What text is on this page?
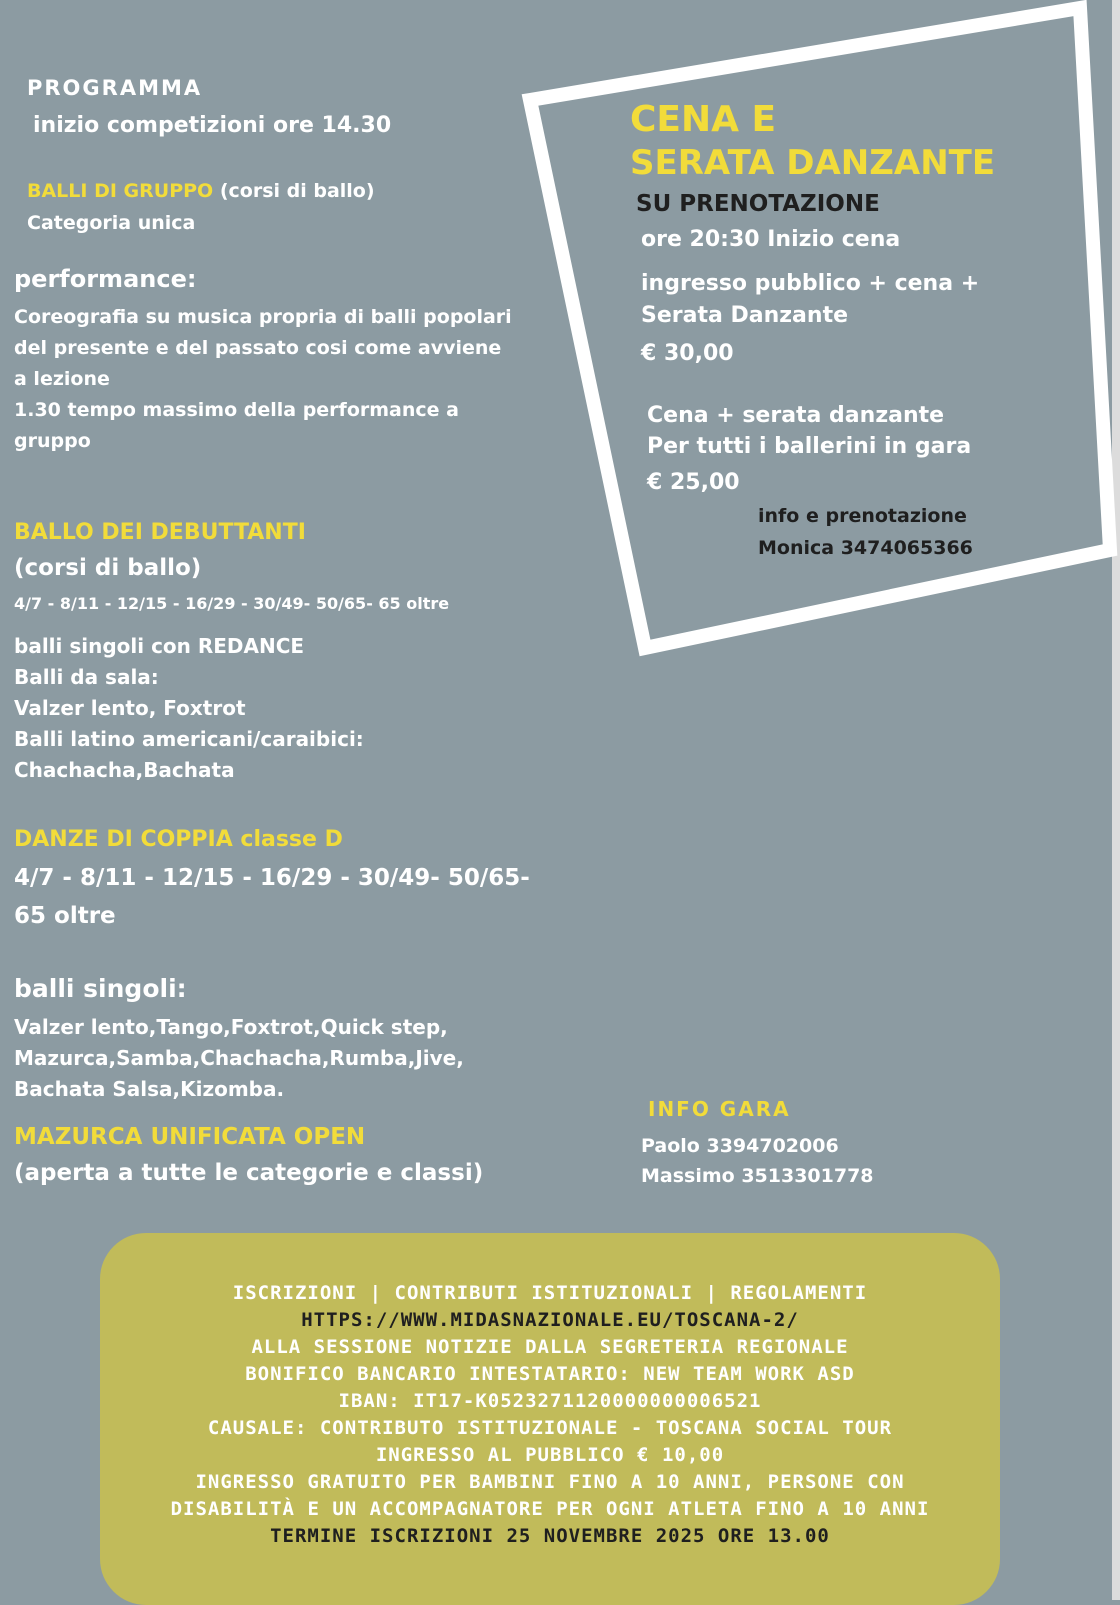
PROGRAMMA
inizio competizioni ore 14.30
BALLI DI GRUPPO (corsi di ballo)
Categoria unica
performance:
Coreografia su musica propria di balli popolari
del presente e del passato cosi come avviene
a lezione
1.30 tempo massimo della performance a
gruppo
BALLO DEI DEBUTTANTI
(corsi di ballo)
4/7 - 8/11 - 12/15 - 16/29 - 30/49- 50/65- 65 oltre
balli singoli con REDANCE
Balli da sala:
Valzer lento, Foxtrot
Balli latino americani/caraibici:
Chachacha,Bachata
DANZE DI COPPIA classe D
4/7 - 8/11 - 12/15 - 16/29 - 30/49- 50/65-
65 oltre
balli singoli:
Valzer lento,Tango,Foxtrot,Quick step,
Mazurca,Samba,Chachacha,Rumba,Jive,
Bachata Salsa,Kizomba.
MAZURCA UNIFICATA OPEN
(aperta a tutte le categorie e classi)
CENA E
SERATA DANZANTE
SU PRENOTAZIONE
ore 20:30 Inizio cena
ingresso pubblico + cena +
Serata Danzante
€ 30,00
Cena + serata danzante
Per tutti i ballerini in gara
€ 25,00
info e prenotazione
Monica 3474065366
INFO GARA
Paolo 3394702006
Massimo 3513301778
ISCRIZIONI | CONTRIBUTI ISTITUZIONALI | REGOLAMENTI
HTTPS://WWW.MIDASNAZIONALE.EU/TOSCANA-2/
ALLA SESSIONE NOTIZIE DALLA SEGRETERIA REGIONALE
BONIFICO BANCARIO INTESTATARIO: NEW TEAM WORK ASD
IBAN: IT17-K0523271120000000006521
CAUSALE: CONTRIBUTO ISTITUZIONALE - TOSCANA SOCIAL TOUR
INGRESSO AL PUBBLICO € 10,00
INGRESSO GRATUITO PER BAMBINI FINO A 10 ANNI, PERSONE CON
DISABILITÀ E UN ACCOMPAGNATORE PER OGNI ATLETA FINO A 10 ANNI
TERMINE ISCRIZIONI 25 NOVEMBRE 2025 ORE 13.00
